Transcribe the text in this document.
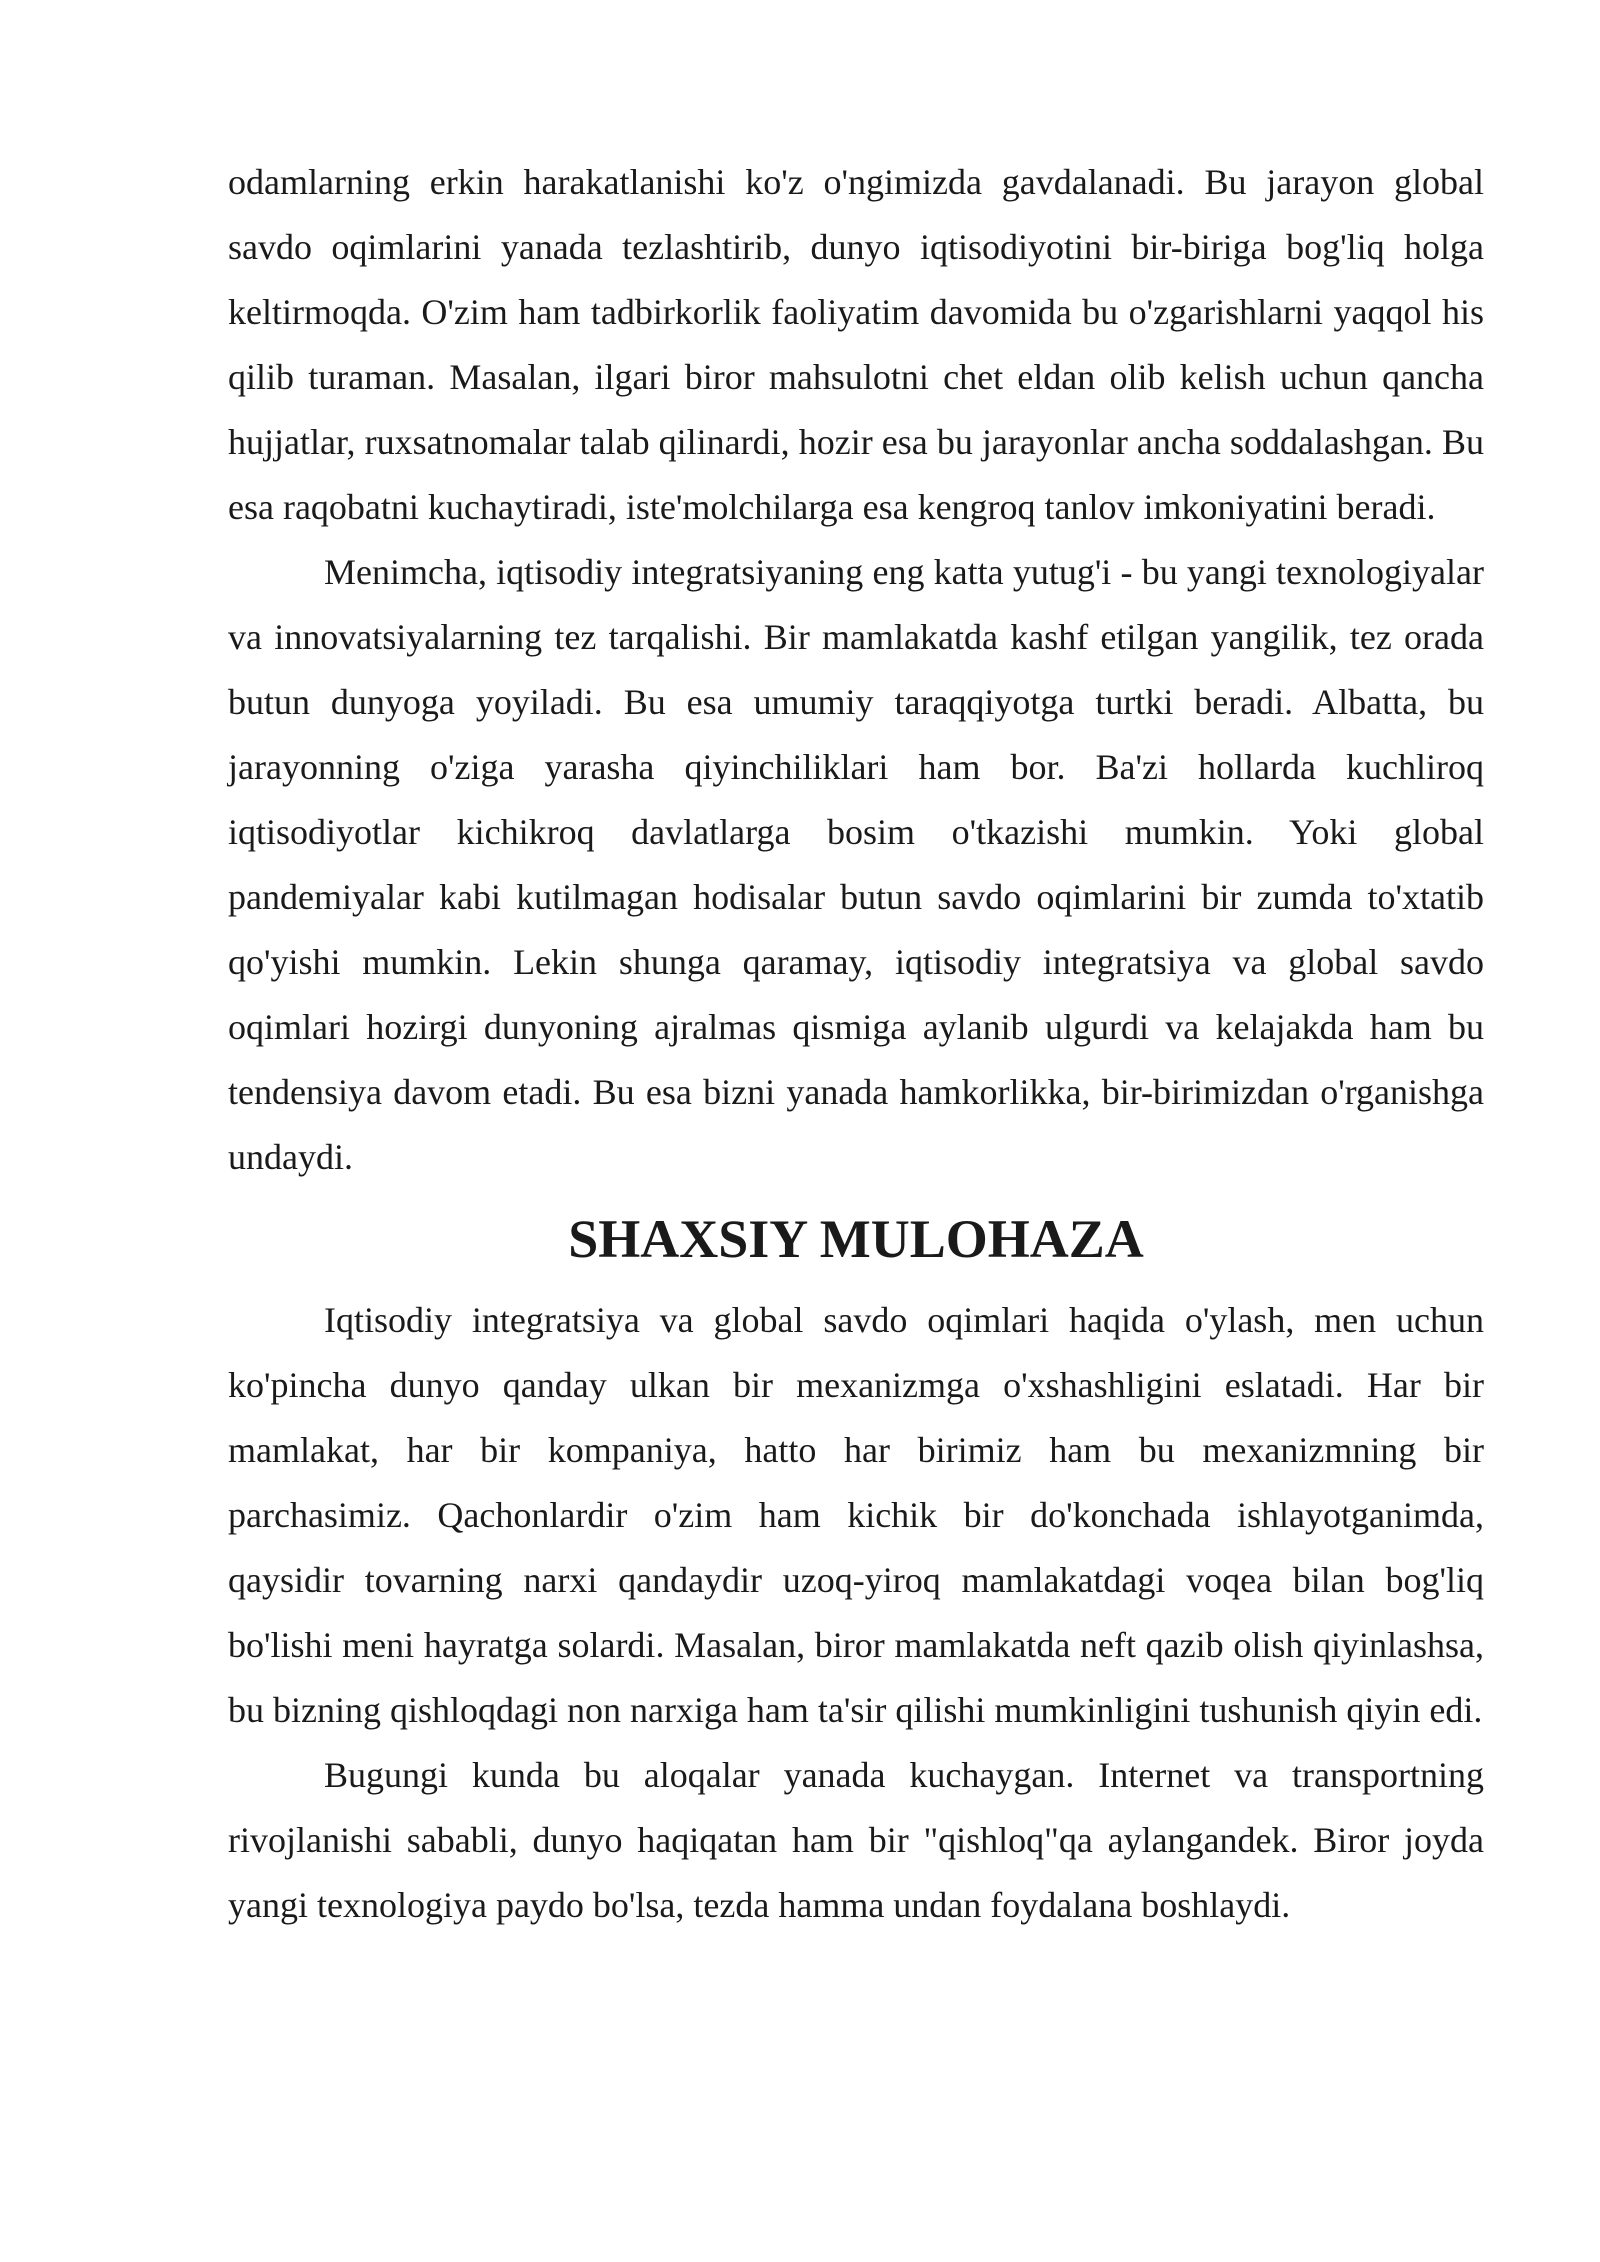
odamlarning erkin harakatlanishi ko'z o'ngimizda gavdalanadi. Bu jarayon global savdo oqimlarini yanada tezlashtirib, dunyo iqtisodiyotini bir-biriga bog'liq holga keltirmoqda. O'zim ham tadbirkorlik faoliyatim davomida bu o'zgarishlarni yaqqol his qilib turaman. Masalan, ilgari biror mahsulotni chet eldan olib kelish uchun qancha hujjatlar, ruxsatnomalar talab qilinardi, hozir esa bu jarayonlar ancha soddalashgan. Bu esa raqobatni kuchaytiradi, iste'molchilarga esa kengroq tanlov imkoniyatini beradi.

Menimcha, iqtisodiy integratsiyaning eng katta yutug'i - bu yangi texnologiyalar va innovatsiyalarning tez tarqalishi. Bir mamlakatda kashf etilgan yangilik, tez orada butun dunyoga yoyiladi. Bu esa umumiy taraqqiyotga turtki beradi. Albatta, bu jarayonning o'ziga yarasha qiyinchiliklari ham bor. Ba'zi hollarda kuchliroq iqtisodiyotlar kichikroq davlatlarga bosim o'tkazishi mumkin. Yoki global pandemiyalar kabi kutilmagan hodisalar butun savdo oqimlarini bir zumda to'xtatib qo'yishi mumkin. Lekin shunga qaramay, iqtisodiy integratsiya va global savdo oqimlari hozirgi dunyoning ajralmas qismiga aylanib ulgurdi va kelajakda ham bu tendensiya davom etadi. Bu esa bizni yanada hamkorlikka, bir-birimizdan o'rganishga undaydi.

SHAXSIY MULOHAZA

Iqtisodiy integratsiya va global savdo oqimlari haqida o'ylash, men uchun ko'pincha dunyo qanday ulkan bir mexanizmga o'xshashligini eslatadi. Har bir mamlakat, har bir kompaniya, hatto har birimiz ham bu mexanizmning bir parchasimiz. Qachonlardir o'zim ham kichik bir do'konchada ishlayotganimda, qaysidir tovarning narxi qandaydir uzoq-yiroq mamlakatdagi voqea bilan bog'liq bo'lishi meni hayratga solardi. Masalan, biror mamlakatda neft qazib olish qiyinlashsa, bu bizning qishloqdagi non narxiga ham ta'sir qilishi mumkinligini tushunish qiyin edi.

Bugungi kunda bu aloqalar yanada kuchaygan. Internet va transportning rivojlanishi sababli, dunyo haqiqatan ham bir "qishloq"qa aylangandek. Biror joyda yangi texnologiya paydo bo'lsa, tezda hamma undan foydalana boshlaydi.
